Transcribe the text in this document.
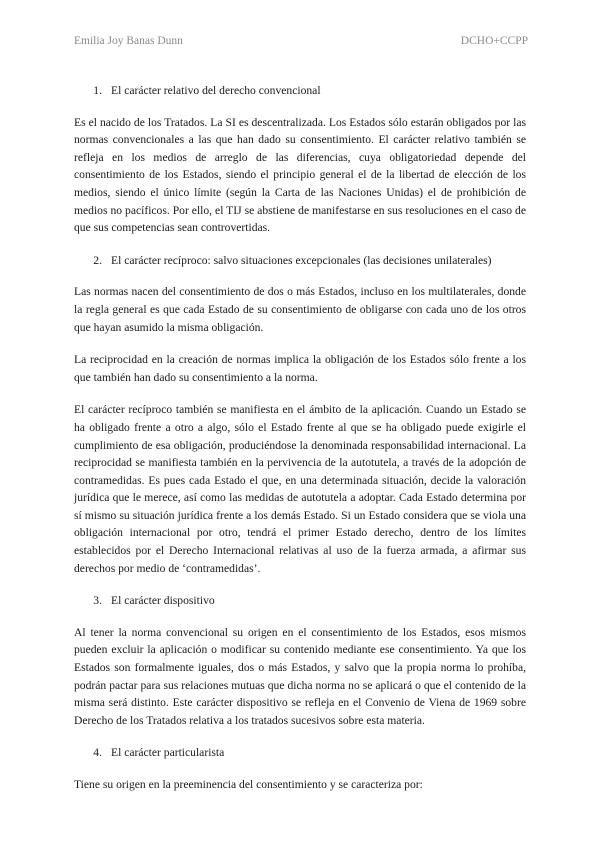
Emilia Joy Banas Dunn	DCHO+CCPP
1. El carácter relativo del derecho convencional

Es el nacido de los Tratados. La SI es descentralizada. Los Estados sólo estarán obligados por las normas convencionales a las que han dado su consentimiento. El carácter relativo también se refleja en los medios de arreglo de las diferencias, cuya obligatoriedad depende del consentimiento de los Estados, siendo el principio general el de la libertad de elección de los medios, siendo el único límite (según la Carta de las Naciones Unidas) el de prohibición de medios no pacíficos. Por ello, el TIJ se abstiene de manifestarse en sus resoluciones en el caso de que sus competencias sean controvertidas.

2. El carácter recíproco: salvo situaciones excepcionales (las decisiones unilaterales)

Las normas nacen del consentimiento de dos o más Estados, incluso en los multilaterales, donde la regla general es que cada Estado de su consentimiento de obligarse con cada uno de los otros que hayan asumido la misma obligación.

La reciprocidad en la creación de normas implica la obligación de los Estados sólo frente a los que también han dado su consentimiento a la norma.

El carácter recíproco también se manifiesta en el ámbito de la aplicación. Cuando un Estado se ha obligado frente a otro a algo, sólo el Estado frente al que se ha obligado puede exigirle el cumplimiento de esa obligación, produciéndose la denominada responsabilidad internacional. La reciprocidad se manifiesta también en la pervivencia de la autotutela, a través de la adopción de contramedidas. Es pues cada Estado el que, en una determinada situación, decide la valoración jurídica que le merece, así como las medidas de autotutela a adoptar. Cada Estado determina por sí mismo su situación jurídica frente a los demás Estado. Si un Estado considera que se viola una obligación internacional por otro, tendrá el primer Estado derecho, dentro de los límites establecidos por el Derecho Internacional relativas al uso de la fuerza armada, a afirmar sus derechos por medio de ‘contramedidas’.

3. El carácter dispositivo

Al tener la norma convencional su origen en el consentimiento de los Estados, esos mismos pueden excluir la aplicación o modificar su contenido mediante ese consentimiento. Ya que los Estados son formalmente iguales, dos o más Estados, y salvo que la propia norma lo prohíba, podrán pactar para sus relaciones mutuas que dicha norma no se aplicará o que el contenido de la misma será distinto. Este carácter dispositivo se refleja en el Convenio de Viena de 1969 sobre Derecho de los Tratados relativa a los tratados sucesivos sobre esta materia.

4. El carácter particularista

Tiene su origen en la preeminencia del consentimiento y se caracteriza por:
